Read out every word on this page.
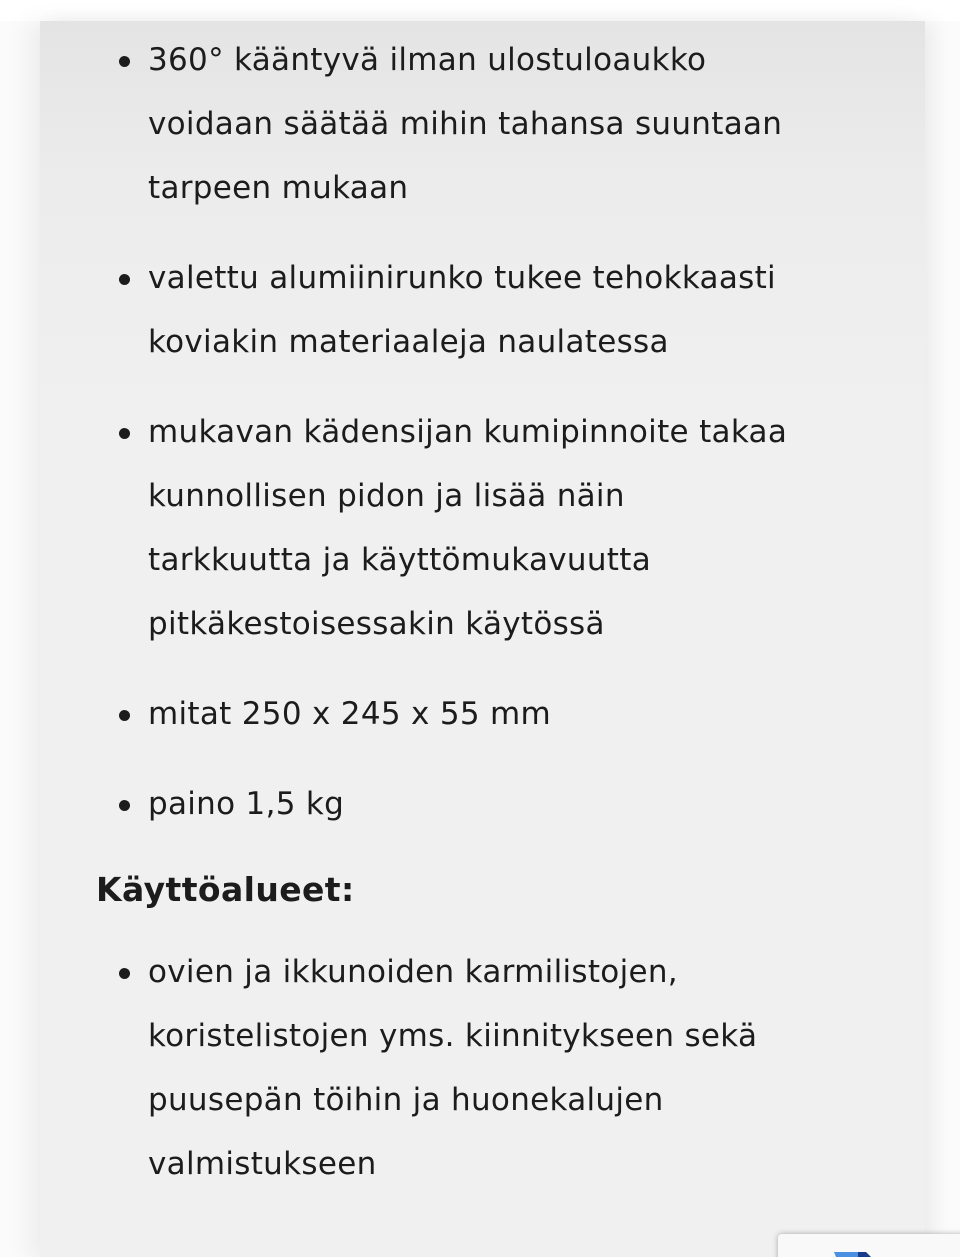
360° kääntyvä ilman ulostuloaukko
voidaan säätää mihin tahansa suuntaan
tarpeen mukaan
valettu alumiinirunko tukee tehokkaasti
koviakin materiaaleja naulatessa
mukavan kädensijan kumipinnoite takaa
kunnollisen pidon ja lisää näin
tarkkuutta ja käyttömukavuutta
pitkäkestoisessakin käytössä
mitat 250 x 245 x 55 mm
paino 1,5 kg
Käyttöalueet:
ovien ja ikkunoiden karmilistojen,
koristelistojen yms. kiinnitykseen sekä
puusepän töihin ja huonekalujen
valmistukseen
